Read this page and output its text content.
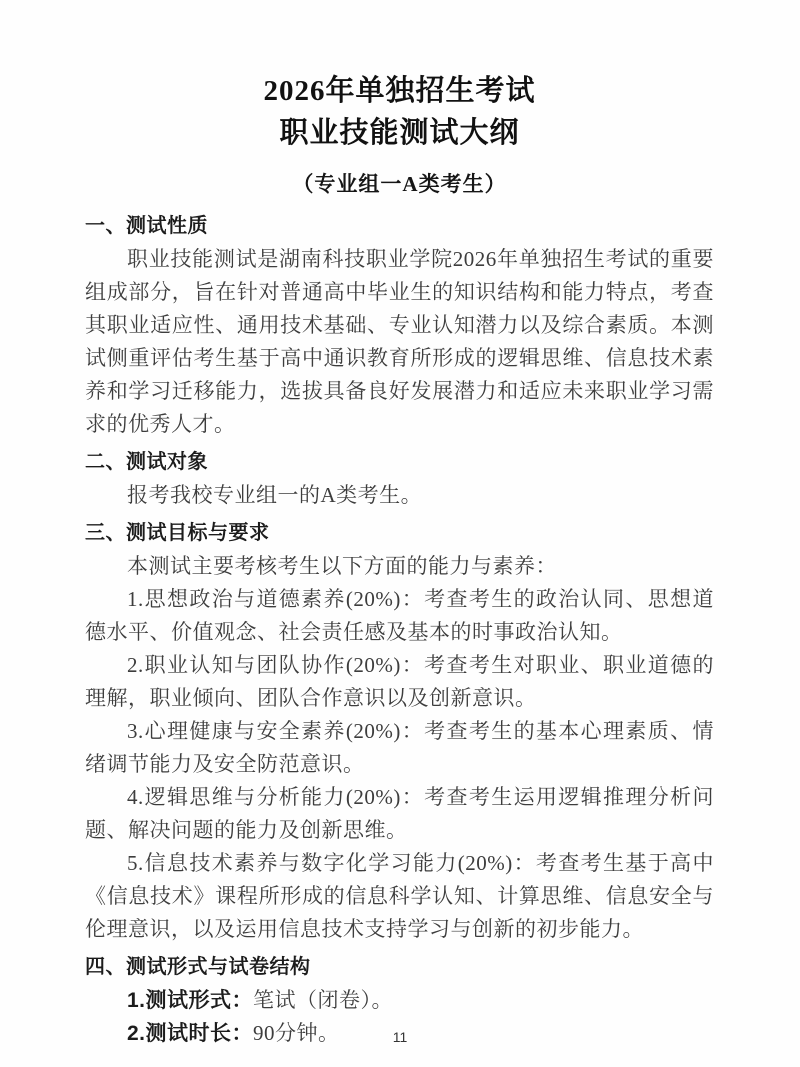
2026年单独招生考试
职业技能测试大纲
（专业组一A类考生）
一、测试性质

职业技能测试是湖南科技职业学院2026年单独招生考试的重要组成部分，旨在针对普通高中毕业生的知识结构和能力特点，考查其职业适应性、通用技术基础、专业认知潜力以及综合素质。本测试侧重评估考生基于高中通识教育所形成的逻辑思维、信息技术素养和学习迁移能力，选拔具备良好发展潜力和适应未来职业学习需求的优秀人才。

二、测试对象

报考我校专业组一的A类考生。

三、测试目标与要求

本测试主要考核考生以下方面的能力与素养：

1.思想政治与道德素养(20%)：考查考生的政治认同、思想道德水平、价值观念、社会责任感及基本的时事政治认知。

2.职业认知与团队协作(20%)：考查考生对职业、职业道德的理解，职业倾向、团队合作意识以及创新意识。

3.心理健康与安全素养(20%)：考查考生的基本心理素质、情绪调节能力及安全防范意识。

4.逻辑思维与分析能力(20%)：考查考生运用逻辑推理分析问题、解决问题的能力及创新思维。

5.信息技术素养与数字化学习能力(20%)：考查考生基于高中《信息技术》课程所形成的信息科学认知、计算思维、信息安全与伦理意识，以及运用信息技术支持学习与创新的初步能力。

四、测试形式与试卷结构

1.测试形式：笔试（闭卷）。

2.测试时长：90分钟。	11
